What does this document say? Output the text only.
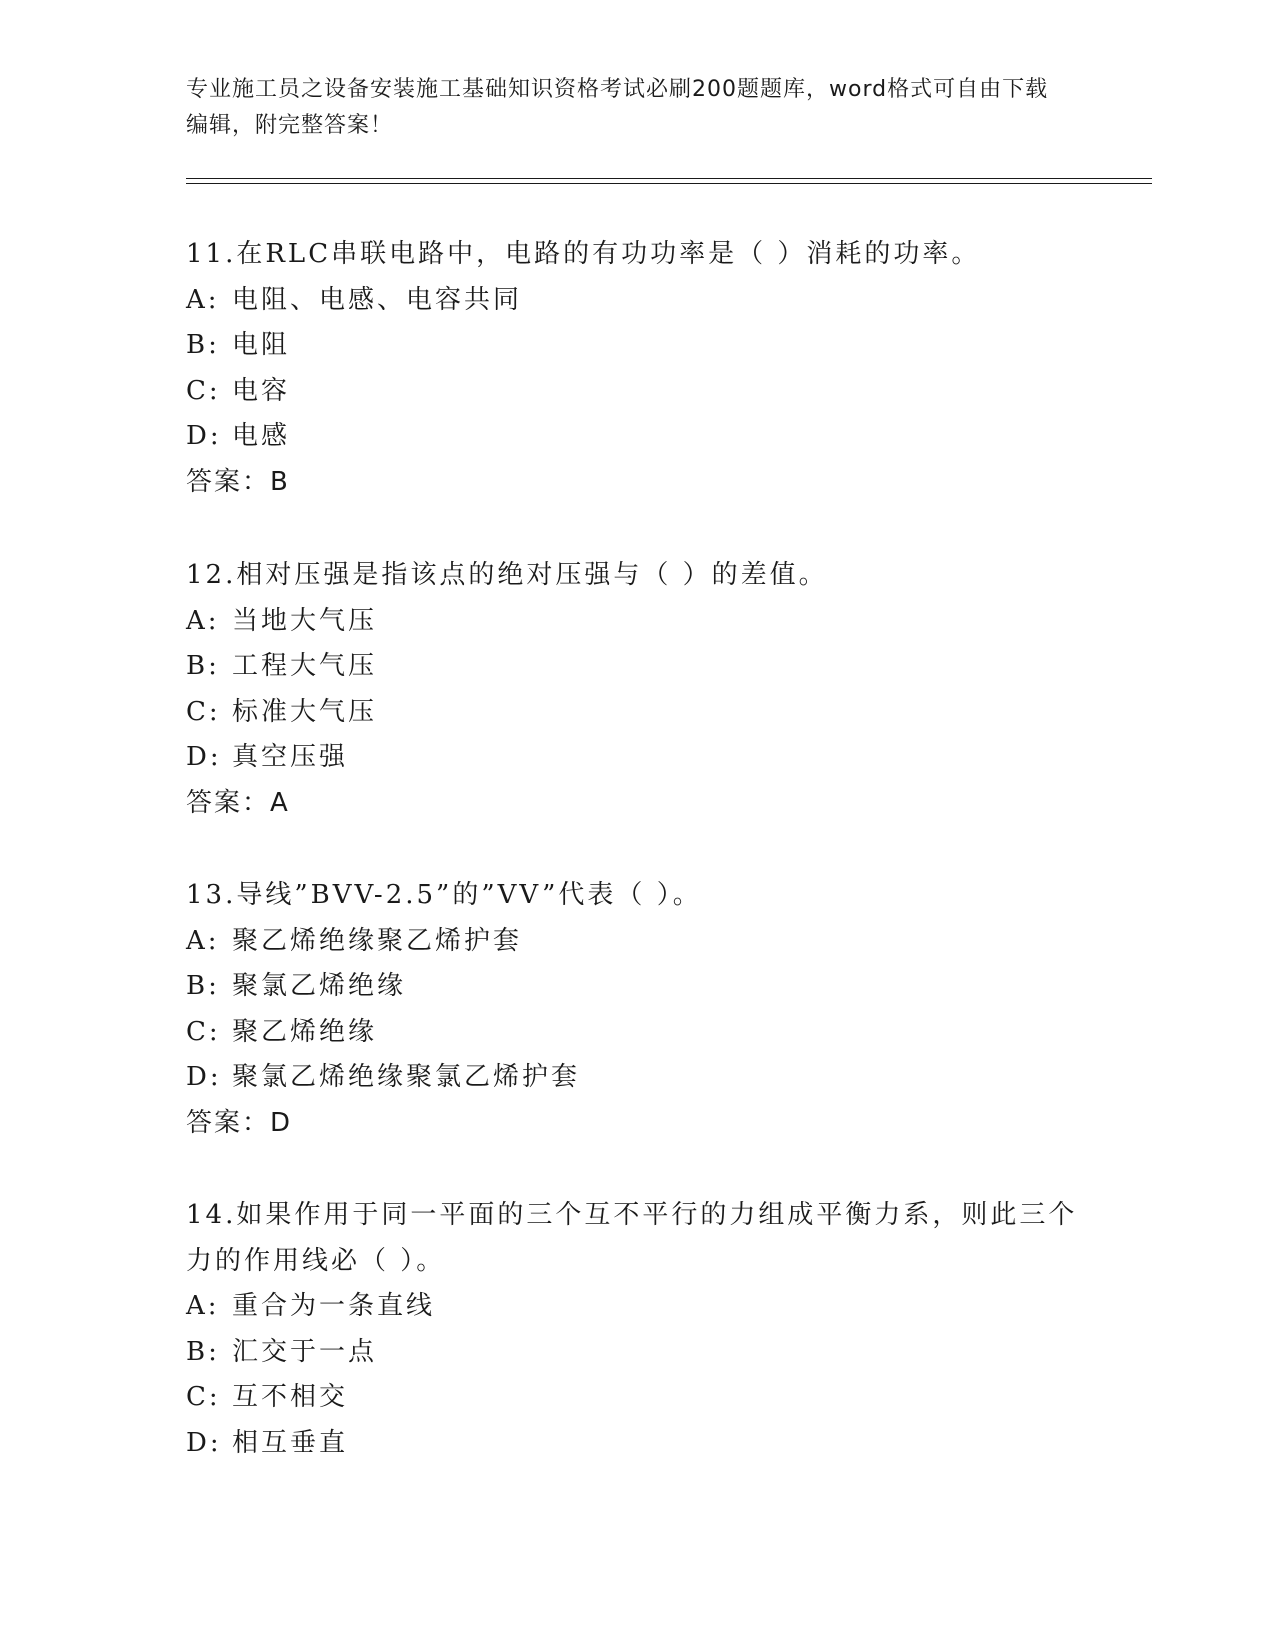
专业施工员之设备安装施工基础知识资格考试必刷200题题库，word格式可自由下载编辑，附完整答案！
11.在RLC串联电路中，电路的有功功率是（ ）消耗的功率。
A: 电阻、电感、电容共同
B: 电阻
C: 电容
D: 电感
答案：B
12.相对压强是指该点的绝对压强与（ ）的差值。
A: 当地大气压
B: 工程大气压
C: 标准大气压
D: 真空压强
答案：A
13.导线”BVV-2.5”的”VV”代表（ ）。
A: 聚乙烯绝缘聚乙烯护套
B: 聚氯乙烯绝缘
C: 聚乙烯绝缘
D: 聚氯乙烯绝缘聚氯乙烯护套
答案：D
14.如果作用于同一平面的三个互不平行的力组成平衡力系，则此三个力的作用线必（ ）。
A: 重合为一条直线
B: 汇交于一点
C: 互不相交
D: 相互垂直
